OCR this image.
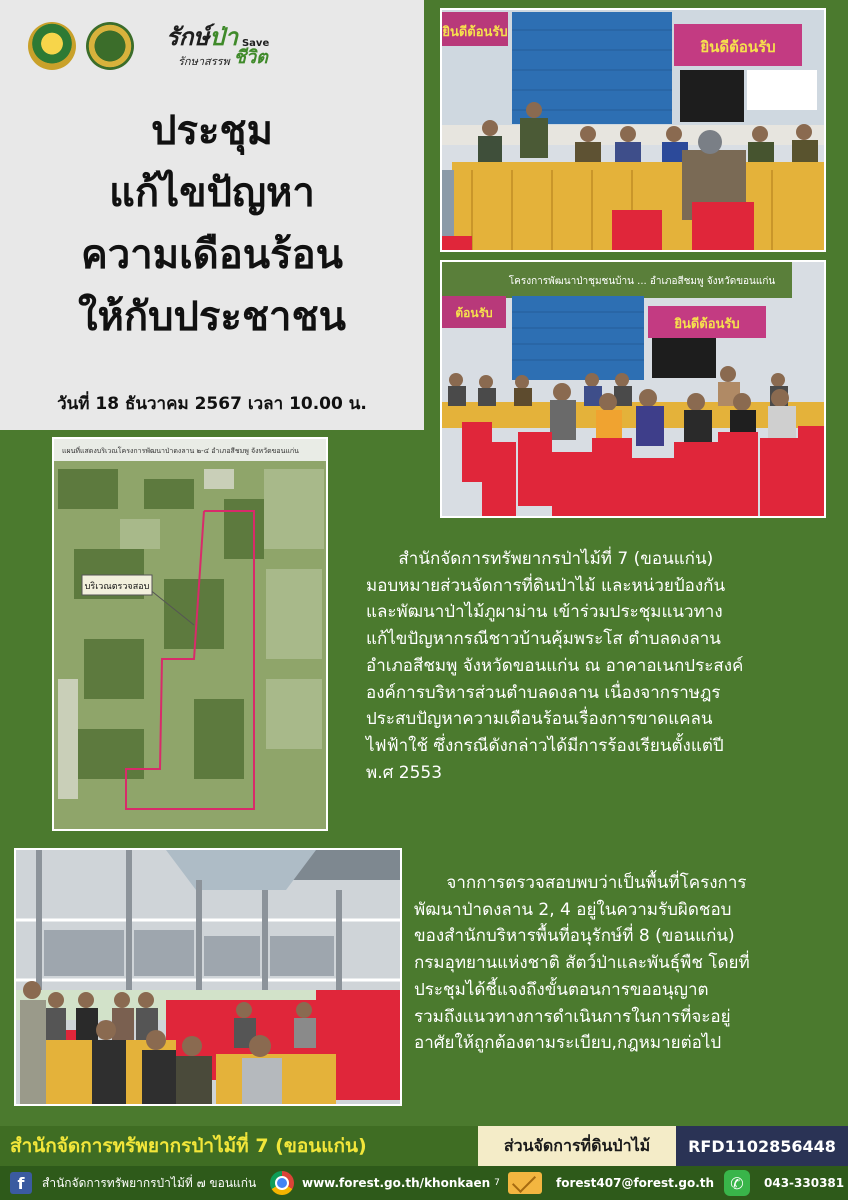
รักษ์ป่า Save
รักษาสรรพ ชีวิต
ประชุม
แก้ไขปัญหา
ความเดือนร้อน
ให้กับประชาชน
วันที่ 18 ธันวาคม 2567 เวลา 10.00 น.
ยินดีต้อนรับ
ยินดีต้อนรับ
โครงการพัฒนาป่าชุมชนบ้าน ... อำเภอสีชมพู จังหวัดขอนแก่น
ต้อนรับ
ยินดีต้อนรับ
แผนที่แสดงบริเวณโครงการพัฒนาป่าดงลาน ๒-๔ อำเภอสีชมพู จังหวัดขอนแก่น
บริเวณตรวจสอบ
สำนักจัดการทรัพยากรป่าไม้ที่ 7 (ขอนแก่น)
มอบหมายส่วนจัดการที่ดินป่าไม้ และหน่วยป้องกัน
และพัฒนาป่าไม้ภูผาม่าน เข้าร่วมประชุมแนวทาง
แก้ไขปัญหากรณีชาวบ้านคุ้มพระโส ตำบลดงลาน
อำเภอสีชมพู จังหวัดขอนแก่น ณ อาคาอเนกประสงค์
องค์การบริหารส่วนตำบลดงลาน เนื่องจากราษฎร
ประสบปัญหาความเดือนร้อนเรื่องการขาดแคลน
ไฟฟ้าใช้ ซึ่งกรณีดังกล่าวได้มีการร้องเรียนตั้งแต่ปี
พ.ศ 2553
จากการตรวจสอบพบว่าเป็นพื้นที่โครงการ
พัฒนาป่าดงลาน 2, 4 อยู่ในความรับผิดชอบ
ของสำนักบริหารพื้นที่อนุรักษ์ที่ 8 (ขอนแก่น)
กรมอุทยานแห่งชาติ สัตว์ป่าและพันธุ์พืช โดยที่
ประชุมได้ชี้แจงถึงขั้นตอนการขออนุญาต
รวมถึงแนวทางการดำเนินการในการที่จะอยู่
อาศัยให้ถูกต้องตามระเบียบ,กฎหมายต่อไป
สำนักจัดการทรัพยากรป่าไม้ที่ 7 (ขอนแก่น)	ส่วนจัดการที่ดินป่าไม้	RFD1102856448
f	สำนักจัดการทรัพยากรป่าไม้ที่ ๗ ขอนแก่น	www.forest.go.th/khonkaen 7	forest407@forest.go.th	✆	043-330381
